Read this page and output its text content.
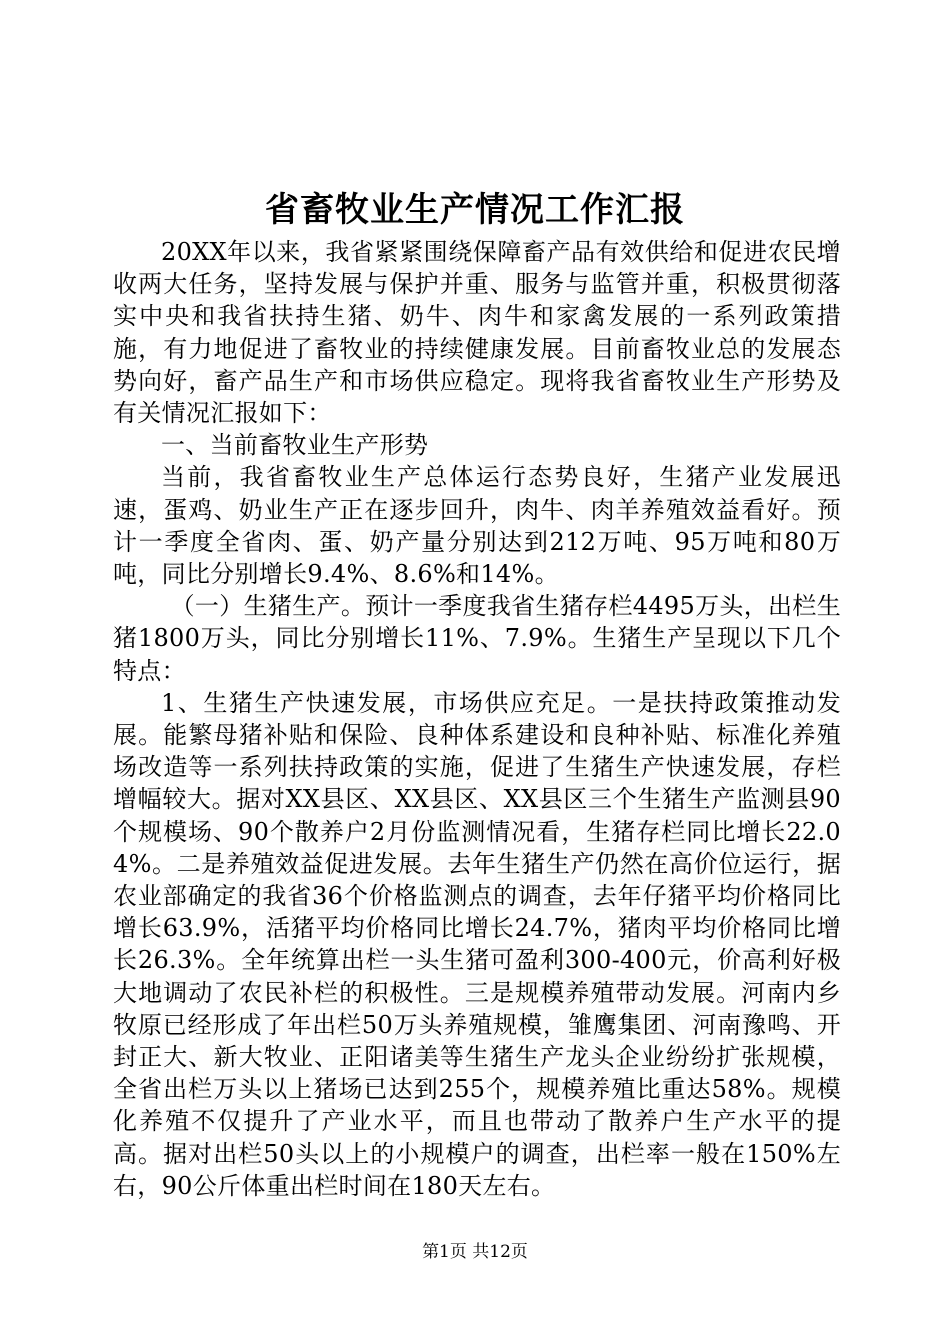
省畜牧业生产情况工作汇报

20XX年以来，我省紧紧围绕保障畜产品有效供给和促进农民增收两大任务，坚持发展与保护并重、服务与监管并重，积极贯彻落实中央和我省扶持生猪、奶牛、肉牛和家禽发展的一系列政策措施，有力地促进了畜牧业的持续健康发展。目前畜牧业总的发展态势向好，畜产品生产和市场供应稳定。现将我省畜牧业生产形势及有关情况汇报如下：

一、当前畜牧业生产形势

当前，我省畜牧业生产总体运行态势良好，生猪产业发展迅速，蛋鸡、奶业生产正在逐步回升，肉牛、肉羊养殖效益看好。预计一季度全省肉、蛋、奶产量分别达到212万吨、95万吨和80万吨，同比分别增长9.4%、8.6%和14%。

（一）生猪生产。预计一季度我省生猪存栏4495万头，出栏生猪1800万头，同比分别增长11%、7.9%。生猪生产呈现以下几个特点：

1、生猪生产快速发展，市场供应充足。一是扶持政策推动发展。能繁母猪补贴和保险、良种体系建设和良种补贴、标准化养殖场改造等一系列扶持政策的实施，促进了生猪生产快速发展，存栏增幅较大。据对XX县区、XX县区、XX县区三个生猪生产监测县90个规模场、90个散养户2月份监测情况看，生猪存栏同比增长22.04%。二是养殖效益促进发展。去年生猪生产仍然在高价位运行，据农业部确定的我省36个价格监测点的调查，去年仔猪平均价格同比增长63.9%，活猪平均价格同比增长24.7%，猪肉平均价格同比增长26.3%。全年统算出栏一头生猪可盈利300-400元，价高利好极大地调动了农民补栏的积极性。三是规模养殖带动发展。河南内乡牧原已经形成了年出栏50万头养殖规模，雏鹰集团、河南豫鸣、开封正大、新大牧业、正阳诸美等生猪生产龙头企业纷纷扩张规模，全省出栏万头以上猪场已达到255个，规模养殖比重达58%。规模化养殖不仅提升了产业水平，而且也带动了散养户生产水平的提高。据对出栏50头以上的小规模户的调查，出栏率一般在150%左右，90公斤体重出栏时间在180天左右。

第1页 共12页
